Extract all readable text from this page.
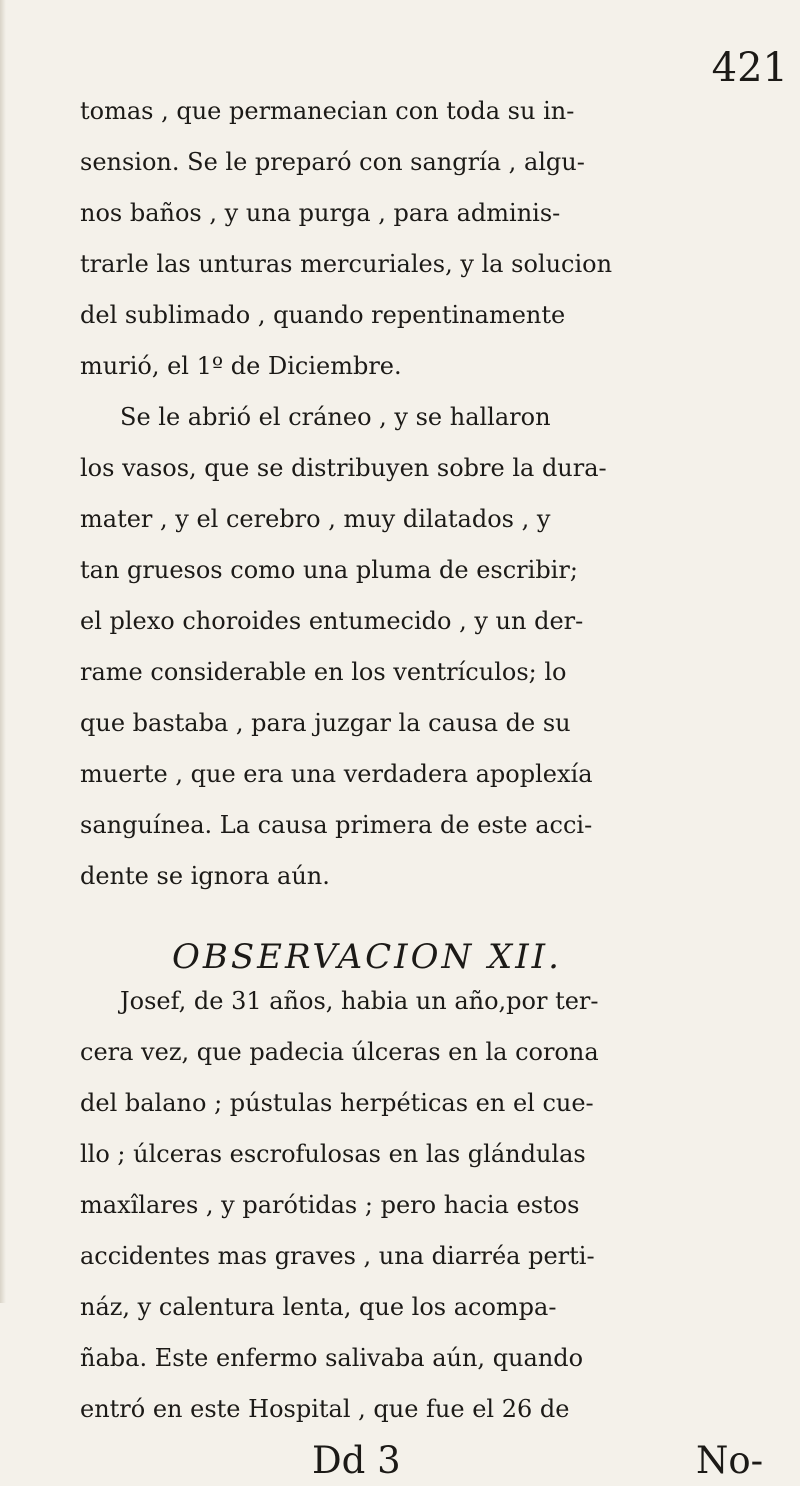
421
tomas , que permanecian con toda su in-
sension. Se le preparó con sangría , algu-
nos baños , y una purga , para adminis-
trarle las unturas mercuriales, y la solucion
del sublimado , quando repentinamente
murió, el 1º de Diciembre.
Se le abrió el cráneo , y se hallaron
los vasos, que se distribuyen sobre la dura-
mater , y el cerebro , muy dilatados , y
tan gruesos como una pluma de escribir;
el plexo choroides entumecido , y un der-
rame considerable en los ventrículos; lo
que bastaba , para juzgar la causa de su
muerte , que era una verdadera apoplexía
sanguínea. La causa primera de este acci-
dente se ignora aún.
OBSERVACION XII.
Josef, de 31 años, habia un año,por ter-
cera vez, que padecia úlceras en la corona
del balano ; pústulas herpéticas en el cue-
llo ; úlceras escrofulosas en las glándulas
maxîlares , y parótidas ; pero hacia estos
accidentes mas graves , una diarréa perti-
náz, y calentura lenta, que los acompa-
ñaba. Este enfermo salivaba aún, quando
entró en este Hospital , que fue el 26 de
Dd 3	No-
